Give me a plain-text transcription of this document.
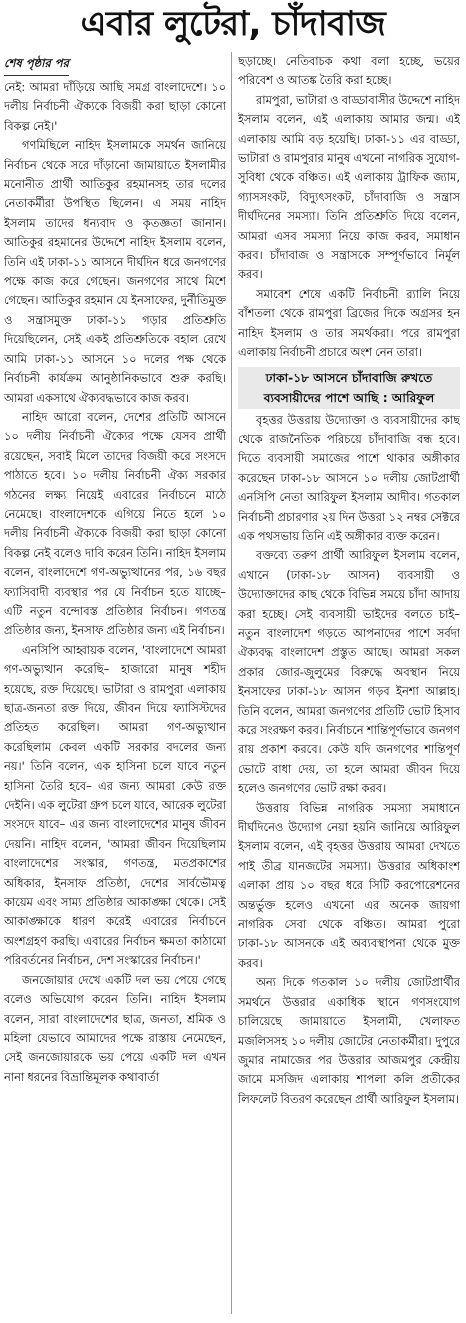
এবার লুটেরা, চাঁদাবাজ
শেষ পৃষ্ঠার পর

নেই: আমরা দাঁড়িয়ে আছি সমগ্র বাংলাদেশে। ১০ দলীয় নির্বাচনী ঐক্যকে বিজয়ী করা ছাড়া কোনো বিকল্প নেই।'

গণমিছিলে নাহিদ ইসলামকে সমর্থন জানিয়ে নির্বাচন থেকে সরে দাঁড়ানো জামায়াতে ইসলামীর মনোনীত প্রার্থী আতিকুর রহমানসহ তার দলের নেতাকর্মীরা উপস্থিত ছিলেন। এ সময় নাহিদ ইসলাম তাদের ধন্যবাদ ও কৃতজ্ঞতা জানান। আতিকুর রহমানের উদ্দেশে নাহিদ ইসলাম বলেন, তিনি এই ঢাকা-১১ আসনে দীর্ঘদিন ধরে জনগণের পক্ষে কাজ করে গেছেন। জনগণের সাথে মিশে গেছেন। আতিকুর রহমান যে ইনসাফের, দুর্নীতিমুক্ত ও সন্ত্রাসমুক্ত ঢাকা-১১ গড়ার প্রতিশ্রুতি দিয়েছিলেন, সেই একই প্রতিশ্রুতিকে বহাল রেখে আমি ঢাকা-১১ আসনে ১০ দলের পক্ষ থেকে নির্বাচনী কার্যক্রম আনুষ্ঠানিকভাবে শুরু করছি। আমরা একসাথে ঐক্যবদ্ধভাবে কাজ করব।

নাহিদ আরো বলেন, দেশের প্রতিটি আসনে ১০ দলীয় নির্বাচনী ঐক্যের পক্ষে যেসব প্রার্থী রয়েছেন, সবাই মিলে তাদের বিজয়ী করে সংসদে পাঠাতে হবে। ১০ দলীয় নির্বাচনী ঐক্য সরকার গঠনের লক্ষ্য নিয়েই এবারের নির্বাচনে মাঠে নেমেছে। বাংলাদেশকে এগিয়ে নিতে হলে ১০ দলীয় নির্বাচনী ঐক্যকে বিজয়ী করা ছাড়া কোনো বিকল্প নেই বলেও দাবি করেন তিনি। নাহিদ ইসলাম বলেন, বাংলাদেশে গণ-অভ্যুত্থানের পর, ১৬ বছর ফ্যাসিবাদী ব্যবস্থার পর যে নির্বাচন হতে যাচ্ছে– এটি নতুন বন্দোবস্ত প্রতিষ্ঠার নির্বাচন। গণতন্ত্র প্রতিষ্ঠার জন্য, ইনসাফ প্রতিষ্ঠার জন্য এই নির্বাচন।

এনসিপি আহ্বায়ক বলেন, 'বাংলাদেশে আমরা গণ-অভ্যুত্থান করেছি– হাজারো মানুষ শহীদ হয়েছে, রক্ত দিয়েছে। ভাটারা ও রামপুরা এলাকায় ছাত্র-জনতা রক্ত দিয়ে, জীবন দিয়ে ফ্যাসিস্টদের প্রতিহত করেছিল। আমরা গণ-অভ্যুত্থান করেছিলাম কেবল একটি সরকার বদলের জন্য নয়।' তিনি বলেন, এক হাসিনা চলে যাবে নতুন হাসিনা তৈরি হবে– এর জন্য আমরা কেউ রক্ত দেইনি। এক লুটেরা গ্রুপ চলে যাবে, আরেক লুটেরা সংসদে যাবে– এর জন্য বাংলাদেশের মানুষ জীবন দেয়নি। নাহিদ বলেন, 'আমরা জীবন দিয়েছিলাম বাংলাদেশের সংস্কার, গণতন্ত্র, মতপ্রকাশের অধিকার, ইনসাফ প্রতিষ্ঠা, দেশের সার্বভৌমত্ব কায়েম এবং সাম্য প্রতিষ্ঠার আকাঙ্ক্ষা থেকে। সেই আকাঙ্ক্ষাকে ধারণ করেই এবারের নির্বাচনে অংশগ্রহণ করছি। এবারের নির্বাচন ক্ষমতা কাঠামো পরিবর্তনের নির্বাচন, দেশ সংস্কারের নির্বাচন।'

জনজোয়ার দেখে একটি দল ভয় পেয়ে গেছে বলেও অভিযোগ করেন তিনি। নাহিদ ইসলাম বলেন, সারা বাংলাদেশের ছাত্র, জনতা, শ্রমিক ও মহিলা যেভাবে আমাদের পক্ষে রাস্তায় নেমেছেন, সেই জনজোয়ারকে ভয় পেয়ে একটি দল এখন নানা ধরনের বিভ্রান্তিমূলক কথাবার্তা

ছড়াচ্ছে। নেতিবাচক কথা বলা হচ্ছে, ভয়ের পরিবেশ ও আতঙ্ক তৈরি করা হচ্ছে।

রামপুরা, ভাটারা ও বাড্ডাবাসীর উদ্দেশে নাহিদ ইসলাম বলেন, এই এলাকায় আমার জন্ম। এই এলাকায় আমি বড় হয়েছি। ঢাকা-১১ এর বাড্ডা, ভাটারা ও রামপুরার মানুষ এখনো নাগরিক সুযোগ-সুবিধা থেকে বঞ্চিত। এই এলাকায় ট্রাফিক জ্যাম, গ্যাসসংকট, বিদ্যুৎসংকট, চাঁদাবাজি ও সন্ত্রাস দীর্ঘদিনের সমস্যা। তিনি প্রতিশ্রুতি দিয়ে বলেন, আমরা এসব সমস্যা নিয়ে কাজ করব, সমাধান করব। চাঁদাবাজ ও সন্ত্রাসকে সম্পূর্ণভাবে নির্মূল করব।

সমাবেশ শেষে একটি নির্বাচনী র‍্যালি নিয়ে বাঁশতলা থেকে রামপুরা ব্রিজের দিকে অগ্রসর হন নাহিদ ইসলাম ও তার সমর্থকরা। পরে রামপুরা এলাকায় নির্বাচনী প্রচারে অংশ নেন তারা।

ঢাকা-১৮ আসনে চাঁদাবাজি রুখতে ব্যবসায়ীদের পাশে আছি : আরিফুল

বৃহত্তর উত্তরায় উদ্যোক্তা ও ব্যবসায়ীদের কাছ থেকে রাজনৈতিক পরিচয়ে চাঁদাবাজি বন্ধ হবে। দিতে ব্যবসায়ী সমাজের পাশে থাকার অঙ্গীকার করেছেন ঢাকা-১৮ আসনে ১০ দলীয় জোটপ্রার্থী এনসিপি নেতা আরিফুল ইসলাম আদীব। গতকাল নির্বাচনী প্রচারণার ২য় দিন উত্তরা ১২ নম্বর সেক্টরে এক পথসভায় তিনি এই অঙ্গীকার ব্যক্ত করেন।

বক্তব্যে তরুণ প্রার্থী আরিফুল ইসলাম বলেন, এখানে (ঢাকা-১৮ আসন) ব্যবসায়ী ও উদ্যোক্তাদের কাছ থেকে বিভিন্ন সময়ে চাঁদা আদায় করা হচ্ছে। সেই ব্যবসায়ী ভাইদের বলতে চাই– নতুন বাংলাদেশ গড়তে আপনাদের পাশে সর্বদা ঐক্যবদ্ধ বাংলাদেশ প্রস্তুত আছে। আমরা সকল প্রকার জোর-জুলুমের বিরুদ্ধে অবস্থান নিয়ে ইনসাফের ঢাকা-১৮ আসন গড়ব ইনশা আল্লাহ। তিনি বলেন, আমরা জনগণের প্রতিটি ভোট হিসাব করে সংরক্ষণ করব। নির্বাচনে শান্তিপূর্ণভাবে জনগণ রায় প্রকাশ করবে। কেউ যদি জনগণের শান্তিপূর্ণ ভোটে বাধা দেয়, তা হলে আমরা জীবন দিয়ে হলেও জনগণের ভোট রক্ষা করব।

উত্তরায় বিভিন্ন নাগরিক সমস্যা সমাধানে দীর্ঘদিনেও উদ্যোগ নেয়া হয়নি জানিয়ে আরিফুল ইসলাম বলেন, এই বৃহত্তর উত্তরায় আমরা দেখতে পাই তীব্র যানজটের সমস্যা। উত্তরার অধিকাংশ এলাকা প্রায় ১০ বছর ধরে সিটি করপোরেশনের অন্তর্ভুক্ত হলেও এখনো এর অনেক জায়গা নাগরিক সেবা থেকে বঞ্চিত। আমরা পুরো ঢাকা-১৮ আসনকে এই অব্যবস্থাপনা থেকে মুক্ত করব।

অন্য দিকে গতকাল ১০ দলীয় জোটপ্রার্থীর সমর্থনে উত্তরার একাধিক স্থানে গণসংযোগ চালিয়েছে জামায়াতে ইসলামী, খেলাফত মজলিসসহ ১০ দলীয় জোটের নেতাকর্মীরা। দুপুরে জুমার নামাজের পর উত্তরার আজমপুর কেন্দ্রীয় জামে মসজিদ এলাকায় শাপলা কলি প্রতীকের লিফলেট বিতরণ করেছেন প্রার্থী আরিফুল ইসলাম।
